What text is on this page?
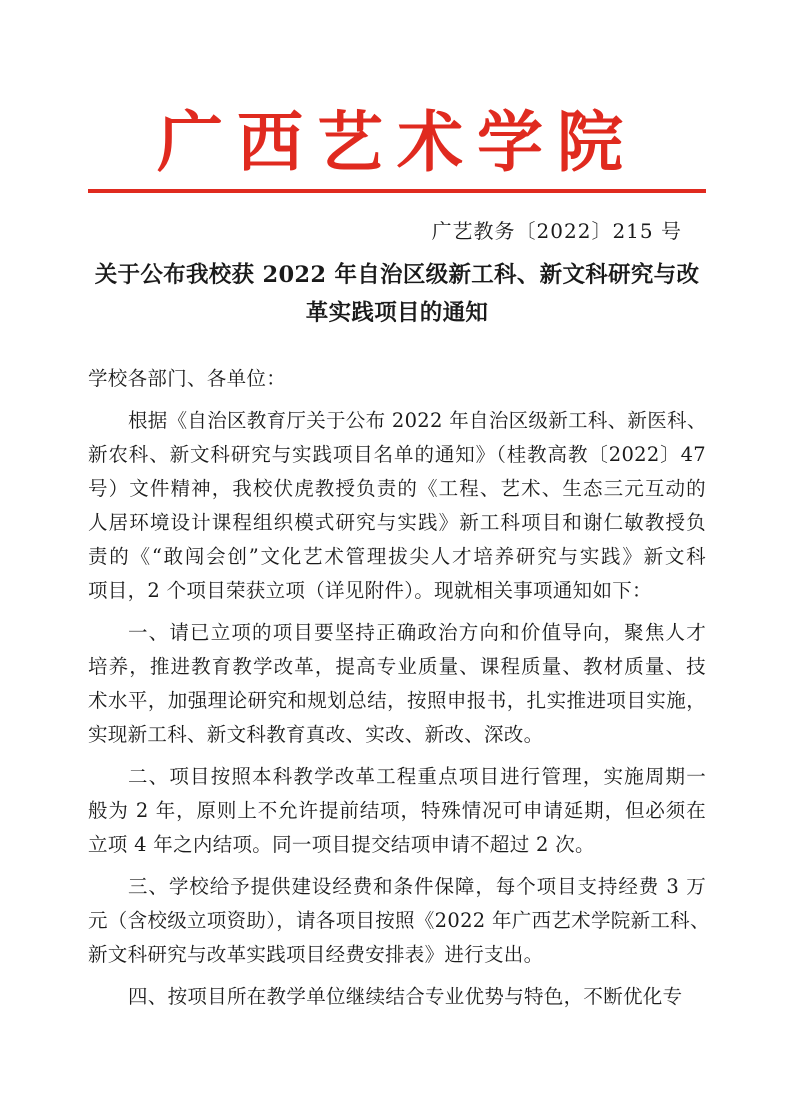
广西艺术学院
广艺教务〔2022〕215 号
关于公布我校获 2022 年自治区级新工科、新文科研究与改
革实践项目的通知
学校各部门、各单位：
根据《自治区教育厅关于公布 2022 年自治区级新工科、新医科、
新农科、新文科研究与实践项目名单的通知》（桂教高教〔2022〕47
号）文件精神，我校伏虎教授负责的《工程、艺术、生态三元互动的
人居环境设计课程组织模式研究与实践》新工科项目和谢仁敏教授负
责的《“敢闯会创”文化艺术管理拔尖人才培养研究与实践》新文科
项目，2 个项目荣获立项（详见附件）。现就相关事项通知如下：
一、请已立项的项目要坚持正确政治方向和价值导向，聚焦人才
培养，推进教育教学改革，提高专业质量、课程质量、教材质量、技
术水平，加强理论研究和规划总结，按照申报书，扎实推进项目实施，
实现新工科、新文科教育真改、实改、新改、深改。
二、项目按照本科教学改革工程重点项目进行管理，实施周期一
般为 2 年，原则上不允许提前结项，特殊情况可申请延期，但必须在
立项 4 年之内结项。同一项目提交结项申请不超过 2 次。
三、学校给予提供建设经费和条件保障，每个项目支持经费 3 万
元（含校级立项资助），请各项目按照《2022 年广西艺术学院新工科、
新文科研究与改革实践项目经费安排表》进行支出。
四、按项目所在教学单位继续结合专业优势与特色，不断优化专
